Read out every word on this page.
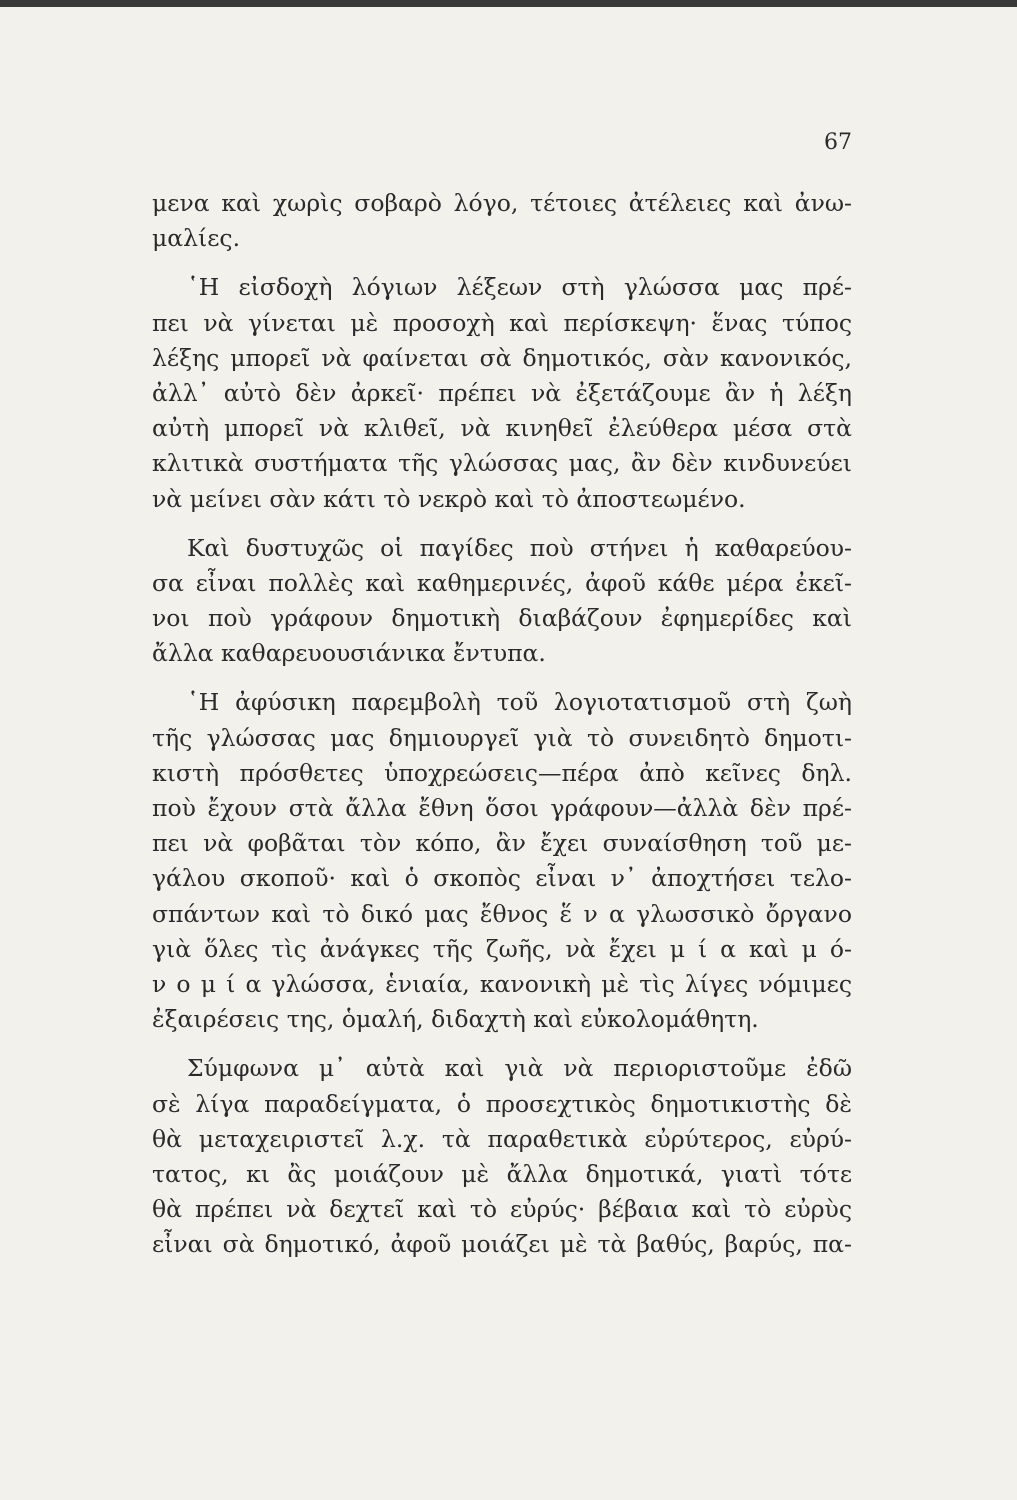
67
μενα καὶ χωρὶς σοβαρὸ λόγο, τέτοιες ἀτέλειες καὶ ἀνω-
μαλίες.
῾Η εἰσδοχὴ λόγιων λέξεων στὴ γλώσσα μας πρέ-
πει νὰ γίνεται μὲ προσοχὴ καὶ περίσκεψη· ἕνας τύπος
λέξης μπορεῖ νὰ φαίνεται σὰ δημοτικός, σὰν κανονικός,
ἀλλ᾽ αὐτὸ δὲν ἀρκεῖ· πρέπει νὰ ἐξετάζουμε ἂν ἡ λέξη
αὐτὴ μπορεῖ νὰ κλιθεῖ, νὰ κινηθεῖ ἐλεύθερα μέσα στὰ
κλιτικὰ συστήματα τῆς γλώσσας μας, ἂν δὲν κινδυνεύει
νὰ μείνει σὰν κάτι τὸ νεκρὸ καὶ τὸ ἀποστεωμένο.
Καὶ δυστυχῶς οἱ παγίδες ποὺ στήνει ἡ καθαρεύου-
σα εἶναι πολλὲς καὶ καθημερινές, ἀφοῦ κάθε μέρα ἐκεῖ-
νοι ποὺ γράφουν δημοτικὴ διαβάζουν ἐφημερίδες καὶ
ἄλλα καθαρευουσιάνικα ἔντυπα.
῾Η ἀφύσικη παρεμβολὴ τοῦ λογιοτατισμοῦ στὴ ζωὴ
τῆς γλώσσας μας δημιουργεῖ γιὰ τὸ συνειδητὸ δημοτι-
κιστὴ πρόσθετες ὑποχρεώσεις—πέρα ἀπὸ κεῖνες δηλ.
ποὺ ἔχουν στὰ ἄλλα ἔθνη ὅσοι γράφουν—ἀλλὰ δὲν πρέ-
πει νὰ φοβᾶται τὸν κόπο, ἂν ἔχει συναίσθηση τοῦ με-
γάλου σκοποῦ· καὶ ὁ σκοπὸς εἶναι ν᾽ ἀποχτήσει τελο-
σπάντων καὶ τὸ δικό μας ἔθνος ἕ ν α γλωσσικὸ ὄργανο
γιὰ ὅλες τὶς ἀνάγκες τῆς ζωῆς, νὰ ἔχει μ ί α καὶ μ ό-
ν ο μ ί α γλώσσα, ἑνιαία, κανονικὴ μὲ τὶς λίγες νόμιμες
ἐξαιρέσεις της, ὁμαλή, διδαχτὴ καὶ εὐκολομάθητη.
Σύμφωνα μ᾽ αὐτὰ καὶ γιὰ νὰ περιοριστοῦμε ἐδῶ
σὲ λίγα παραδείγματα, ὁ προσεχτικὸς δημοτικιστὴς δὲ
θὰ μεταχειριστεῖ λ.χ. τὰ παραθετικὰ εὐρύτερος, εὐρύ-
τατος, κι ἂς μοιάζουν μὲ ἄλλα δημοτικά, γιατὶ τότε
θὰ πρέπει νὰ δεχτεῖ καὶ τὸ εὐρύς· βέβαια καὶ τὸ εὐρὺς
εἶναι σὰ δημοτικό, ἀφοῦ μοιάζει μὲ τὰ βαθύς, βαρύς, πα-
